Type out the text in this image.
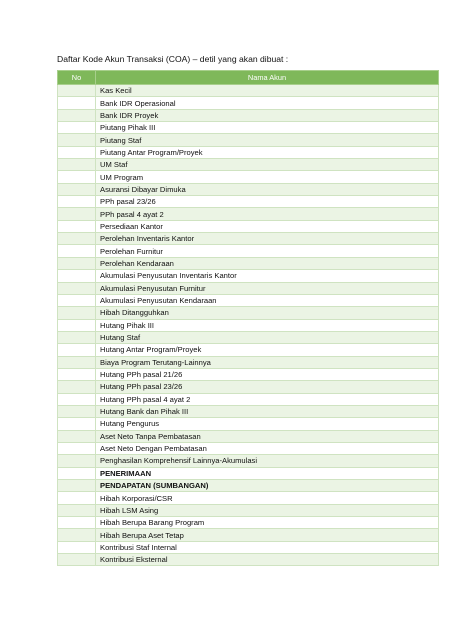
Daftar Kode Akun Transaksi (COA) – detil yang akan dibuat :
No	Nama Akun
	Kas Kecil
	Bank IDR Operasional
	Bank IDR Proyek
	Piutang Pihak III
	Piutang Staf
	Piutang Antar Program/Proyek
	UM Staf
	UM Program
	Asuransi Dibayar Dimuka
	PPh pasal 23/26
	PPh pasal 4 ayat 2
	Persediaan Kantor
	Perolehan Inventaris Kantor
	Perolehan Furnitur
	Perolehan Kendaraan
	Akumulasi Penyusutan Inventaris Kantor
	Akumulasi Penyusutan Furnitur
	Akumulasi Penyusutan Kendaraan
	Hibah Ditangguhkan
	Hutang Pihak III
	Hutang Staf
	Hutang Antar Program/Proyek
	Biaya Program Terutang-Lainnya
	Hutang PPh pasal 21/26
	Hutang PPh pasal 23/26
	Hutang PPh pasal 4 ayat 2
	Hutang Bank dan Pihak III
	Hutang Pengurus
	Aset Neto Tanpa Pembatasan
	Aset Neto Dengan Pembatasan
	Penghasilan Komprehensif Lainnya-Akumulasi
	PENERIMAAN
	PENDAPATAN (SUMBANGAN)
	Hibah Korporasi/CSR
	Hibah LSM Asing
	Hibah Berupa Barang Program
	Hibah Berupa Aset Tetap
	Kontribusi Staf Internal
	Kontribusi Eksternal
